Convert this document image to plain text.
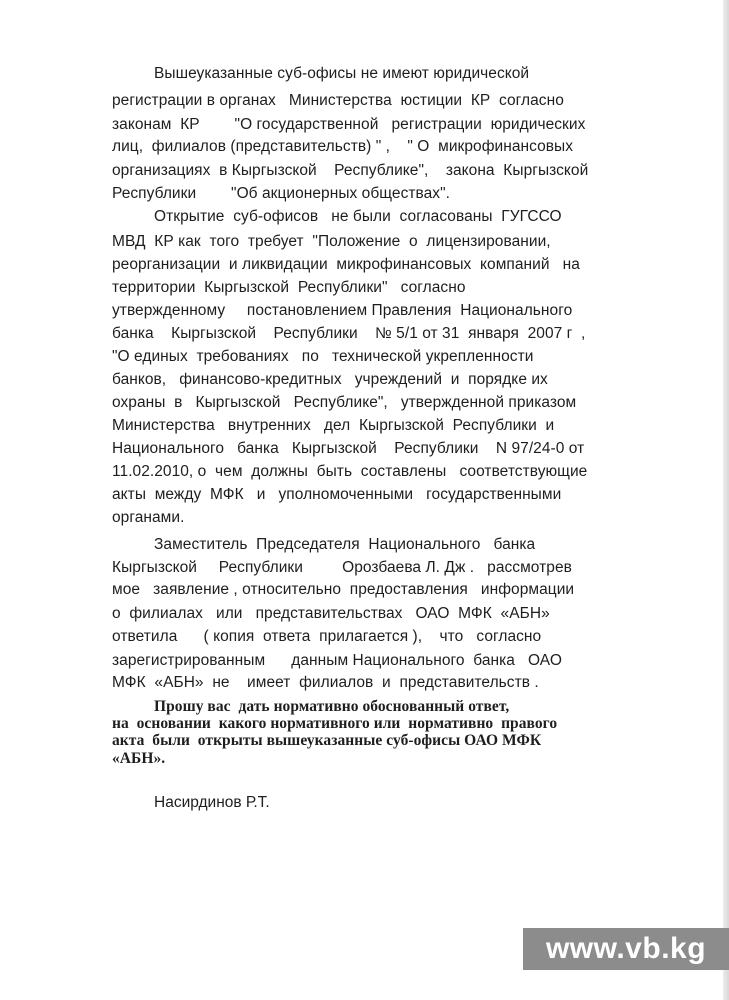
Вышеуказанные суб-офисы не имеют юридической

регистрации в органах   Министерства  юстиции  КР  согласно

законам  КР        "О государственной   регистрации  юридических

лиц,  филиалов (представительств) " ,    " О  микрофинансовых

организациях  в Кыргызской    Республике",    закона  Кыргызской

Республики        "Об акционерных обществах".

Открытие  суб-офисов   не были  согласованы  ГУГССО

МВД  КР как  того  требует  "Положение  о  лицензировании,

реорганизации  и ликвидации  микрофинансовых  компаний   на

территории  Кыргызской  Республики"   согласно

утвержденному     постановлением Правления  Национального

банка    Кыргызской    Республики    № 5/1 от 31  января  2007 г  ,

"О единых  требованиях   по   технической укрепленности

банков,   финансово-кредитных   учреждений  и  порядке их

охраны  в   Кыргызской   Республике",   утвержденной приказом

Министерства   внутренних   дел  Кыргызской  Республики  и

Национального   банка   Кыргызской    Республики    N 97/24-0 от

11.02.2010, о  чем  должны  быть  составлены   соответствующие

акты  между  МФК   и   уполномоченными   государственными

органами.

Заместитель  Председателя  Национального   банка

Кыргызской     Республики         Орозбаева Л. Дж .   рассмотрев

мое   заявление , относительно  предоставления   информации

о  филиалах   или   представительствах   ОАО  МФК  «АБН»

ответила      ( копия  ответа  прилагается ),    что   согласно

зарегистрированным      данным Национального  банка   ОАО

МФК  «АБН»  не    имеет  филиалов  и  представительств .

Прошу вас  дать нормативно обоснованный ответ,

на  основании  какого нормативного или  нормативно  правого

акта  были  открыты вышеуказанные суб-офисы ОАО МФК

«АБН».

Насирдинов Р.Т.

www.vb.kg
